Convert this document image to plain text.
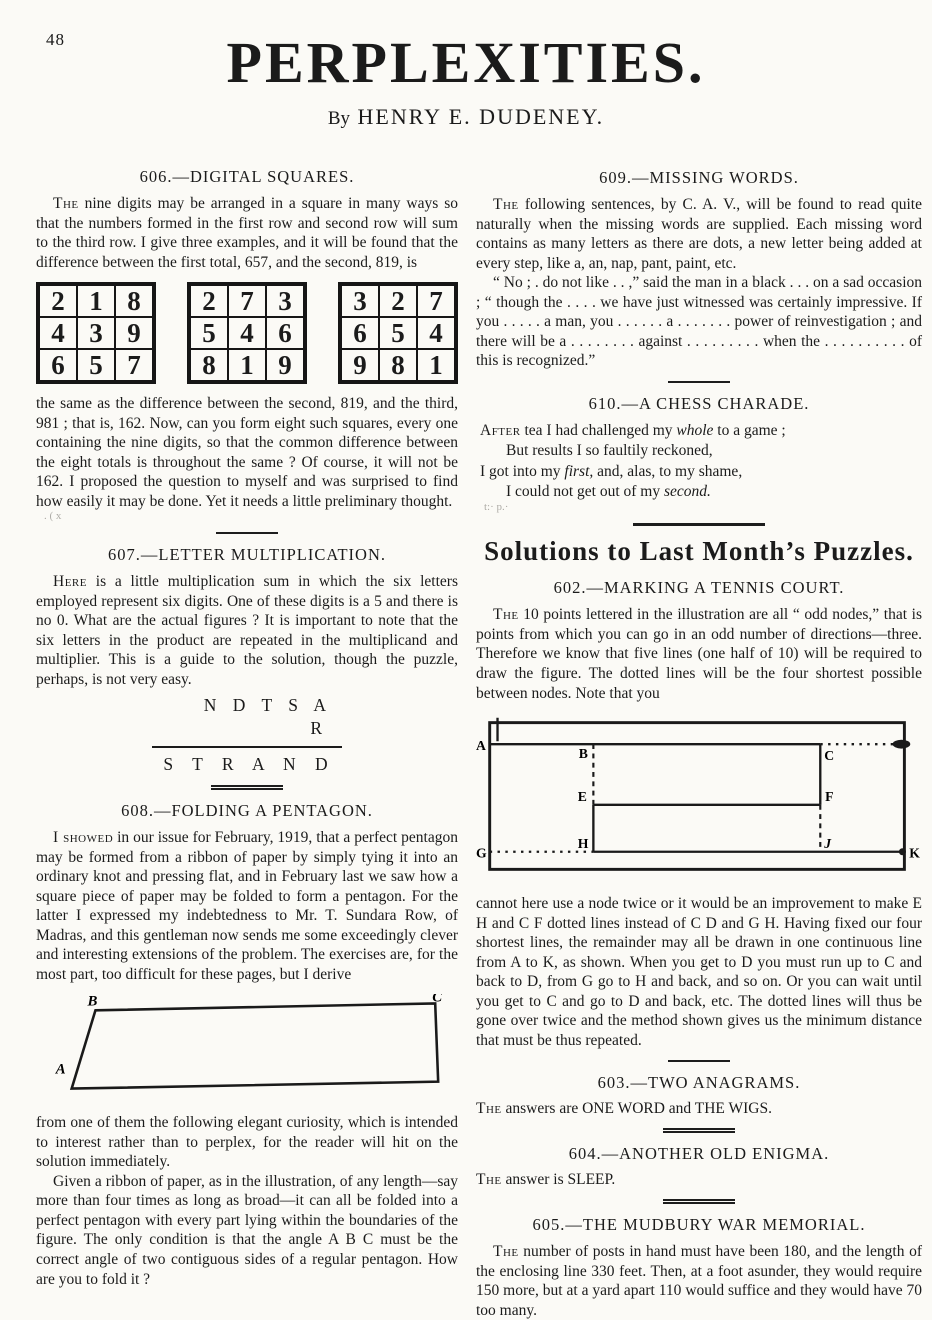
48	PERPLEXITIES.
By HENRY E. DUDENEY.
606.—DIGITAL SQUARES.

The nine digits may be arranged in a square in many ways so that the numbers formed in the first row and second row will sum to the third row. I give three examples, and it will be found that the difference between the first total, 657, and the second, 819, is

2 1 8
4 3 9
6 5 7
2 7 3
5 4 6
8 1 9
3 2 7
6 5 4
9 8 1

the same as the difference between the second, 819, and the third, 981 ; that is, 162. Now, can you form eight such squares, every one containing the nine digits, so that the common difference between the eight totals is throughout the same ? Of course, it will not be 162. I proposed the question to myself and was surprised to find how easily it may be done. Yet it needs a little preliminary thought.

. ( x
607.—LETTER MULTIPLICATION.

Here is a little multiplication sum in which the six letters employed represent six digits. One of these digits is a 5 and there is no 0. What are the actual figures ? It is important to note that the six letters in the product are repeated in the multiplicand and multiplier. This is a guide to the solution, though the puzzle, perhaps, is not very easy.

N D T S A
R
S T R A N D
608.—FOLDING A PENTAGON.

I showed in our issue for February, 1919, that a perfect pentagon may be formed from a ribbon of paper by simply tying it into an ordinary knot and pressing flat, and in February last we saw how a square piece of paper may be folded to form a pentagon. For the latter I expressed my indebtedness to Mr. T. Sundara Row, of Madras, and this gentleman now sends me some exceedingly clever and interesting extensions of the problem. The exercises are, for the most part, too difficult for these pages, but I derive

B	C
A

from one of them the following elegant curiosity, which is intended to interest rather than to perplex, for the reader will hit on the solution immediately.

Given a ribbon of paper, as in the illustration, of any length—say more than four times as long as broad—it can all be folded into a perfect pentagon with every part lying within the boundaries of the figure. The only condition is that the angle A B C must be the correct angle of two contiguous sides of a regular pentagon. How are you to fold it ?

609.—MISSING WORDS.

The following sentences, by C. A. V., will be found to read quite naturally when the missing words are supplied. Each missing word contains as many letters as there are dots, a new letter being added at every step, like a, an, nap, pant, paint, etc.

“ No ; . do not like . . ,” said the man in a black . . . on a sad occasion ; “ though the . . . . we have just witnessed was certainly impressive. If you . . . . . a man, you . . . . . . a . . . . . . . power of reinvestigation ; and there will be a . . . . . . . . against . . . . . . . . . when the . . . . . . . . . . of this is recognized.”

610.—A CHESS CHARADE.
After tea I had challenged my whole to a game ;
But results I so faultily reckoned,
I got into my first, and, alas, to my shame,
I could not get out of my second.
t:· p.·
Solutions to Last Month’s Puzzles.
602.—MARKING A TENNIS COURT.

The 10 points lettered in the illustration are all “ odd nodes,” that is points from which you can go in an odd number of directions—three. Therefore we know that five lines (one half of 10) will be required to draw the figure. The dotted lines will be the four shortest possible between nodes. Note that you

A
B	C
E	F
G
H	J
K

cannot here use a node twice or it would be an improvement to make E H and C F dotted lines instead of C D and G H. Having fixed our four shortest lines, the remainder may all be drawn in one continuous line from A to K, as shown. When you get to D you must run up to C and back to D, from G go to H and back, and so on. Or you can wait until you get to C and go to D and back, etc. The dotted lines will thus be gone over twice and the method shown gives us the minimum distance that must be thus repeated.

603.—TWO ANAGRAMS.

The answers are ONE WORD and THE WIGS.

604.—ANOTHER OLD ENIGMA.

The answer is SLEEP.

605.—THE MUDBURY WAR MEMORIAL.

The number of posts in hand must have been 180, and the length of the enclosing line 330 feet. Then, at a foot asunder, they would require 150 more, but at a yard apart 110 would suffice and they would have 70 too many.
